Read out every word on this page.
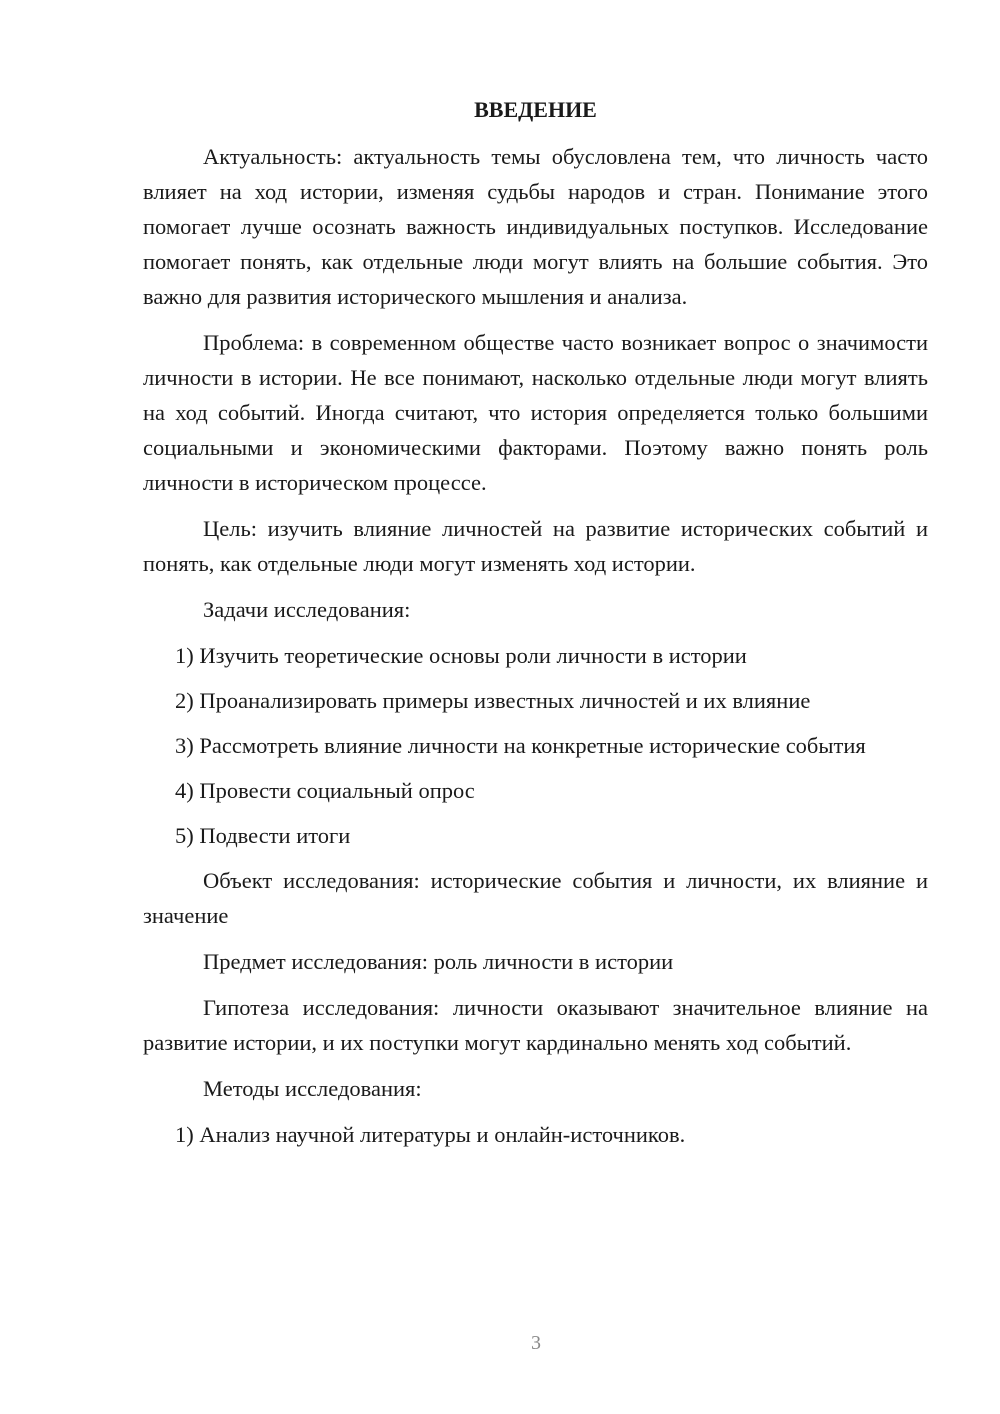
ВВЕДЕНИЕ

Актуальность: актуальность темы обусловлена тем, что личность часто влияет на ход истории, изменяя судьбы народов и стран. Понимание этого помогает лучше осознать важность индивидуальных поступков. Исследование помогает понять, как отдельные люди могут влиять на большие события. Это важно для развития исторического мышления и анализа.

Проблема: в современном обществе часто возникает вопрос о значимости личности в истории. Не все понимают, насколько отдельные люди могут влиять на ход событий. Иногда считают, что история определяется только большими социальными и экономическими факторами. Поэтому важно понять роль личности в историческом процессе.

Цель: изучить влияние личностей на развитие исторических событий и понять, как отдельные люди могут изменять ход истории.

Задачи исследования:

1) Изучить теоретические основы роли личности в истории

2) Проанализировать примеры известных личностей и их влияние

3) Рассмотреть влияние личности на конкретные исторические события

4) Провести социальный опрос

5) Подвести итоги

Объект исследования: исторические события и личности, их влияние и значение

Предмет исследования: роль личности в истории

Гипотеза исследования: личности оказывают значительное влияние на развитие истории, и их поступки могут кардинально менять ход событий.

Методы исследования:

1) Анализ научной литературы и онлайн-источников.

3
